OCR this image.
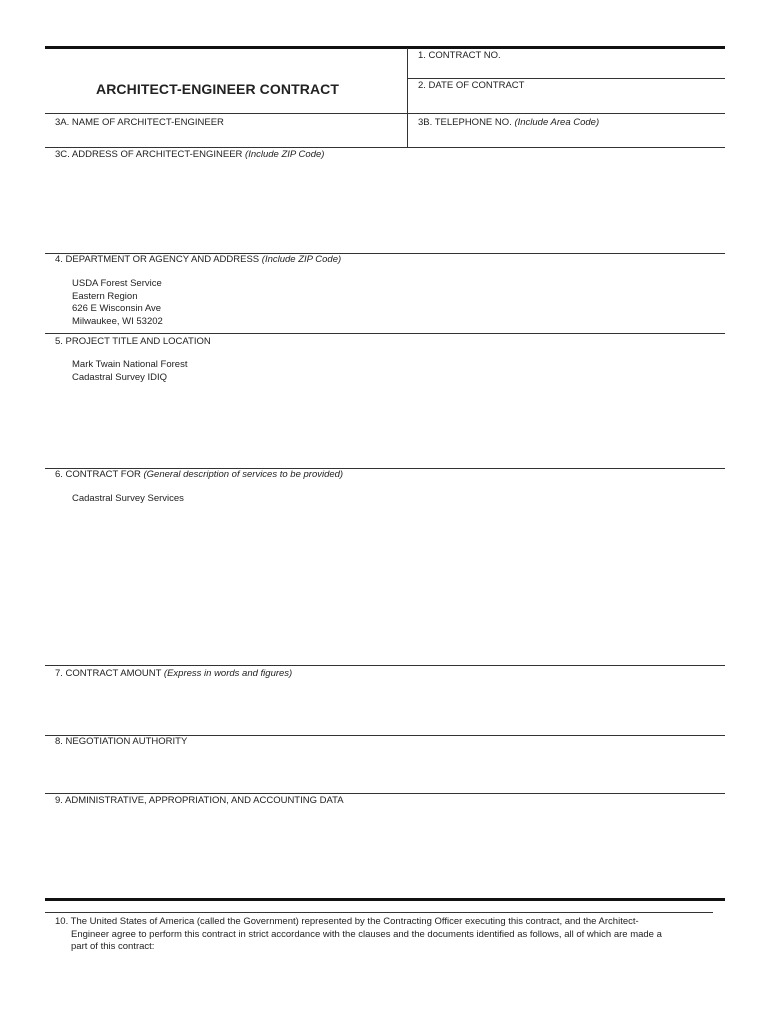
1. CONTRACT NO.
ARCHITECT-ENGINEER CONTRACT	2. DATE OF CONTRACT
3A. NAME OF ARCHITECT-ENGINEER	3B. TELEPHONE NO. (Include Area Code)
3C. ADDRESS OF ARCHITECT-ENGINEER (Include ZIP Code)
4. DEPARTMENT OR AGENCY AND ADDRESS (Include ZIP Code)
USDA Forest Service
Eastern Region
626 E Wisconsin Ave
Milwaukee, WI 53202
5. PROJECT TITLE AND LOCATION
Mark Twain National Forest
Cadastral Survey IDIQ
6. CONTRACT FOR (General description of services to be provided)
Cadastral Survey Services
7. CONTRACT AMOUNT (Express in words and figures)
8. NEGOTIATION AUTHORITY
9. ADMINISTRATIVE, APPROPRIATION, AND ACCOUNTING DATA
10. The United States of America (called the Government) represented by the Contracting Officer executing this contract, and the Architect-
Engineer agree to perform this contract in strict accordance with the clauses and the documents identified as follows, all of which are made a
part of this contract:
